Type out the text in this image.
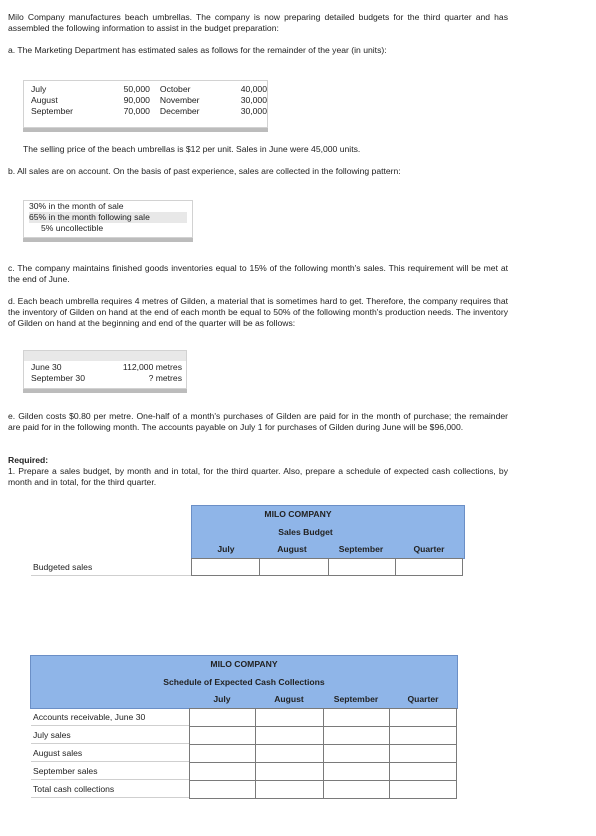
Milo Company manufactures beach umbrellas. The company is now preparing detailed budgets for the third quarter and has assembled the following information to assist in the budget preparation:
a. The Marketing Department has estimated sales as follows for the remainder of the year (in units):
July	50,000	October	40,000
August	90,000	November	30,000
September	70,000	December	30,000
The selling price of the beach umbrellas is $12 per unit. Sales in June were 45,000 units.
b. All sales are on account. On the basis of past experience, sales are collected in the following pattern:
30% in the month of sale
65% in the month following sale
5% uncollectible
c. The company maintains finished goods inventories equal to 15% of the following month's sales. This requirement will be met at the end of June.
d. Each beach umbrella requires 4 metres of Gilden, a material that is sometimes hard to get. Therefore, the company requires that the inventory of Gilden on hand at the end of each month be equal to 50% of the following month's production needs. The inventory of Gilden on hand at the beginning and end of the quarter will be as follows:
June 30	112,000 metres
September 30	? metres
e. Gilden costs $0.80 per metre. One-half of a month's purchases of Gilden are paid for in the month of purchase; the remainder are paid for in the following month. The accounts payable on July 1 for purchases of Gilden during June will be $96,000.
Required:
1. Prepare a sales budget, by month and in total, for the third quarter. Also, prepare a schedule of expected cash collections, by month and in total, for the third quarter.
MILO COMPANY
Sales Budget
July	August	September	Quarter
Budgeted sales
MILO COMPANY
Schedule of Expected Cash Collections
July	August	September	Quarter
Accounts receivable, June 30
July sales
August sales
September sales
Total cash collections
